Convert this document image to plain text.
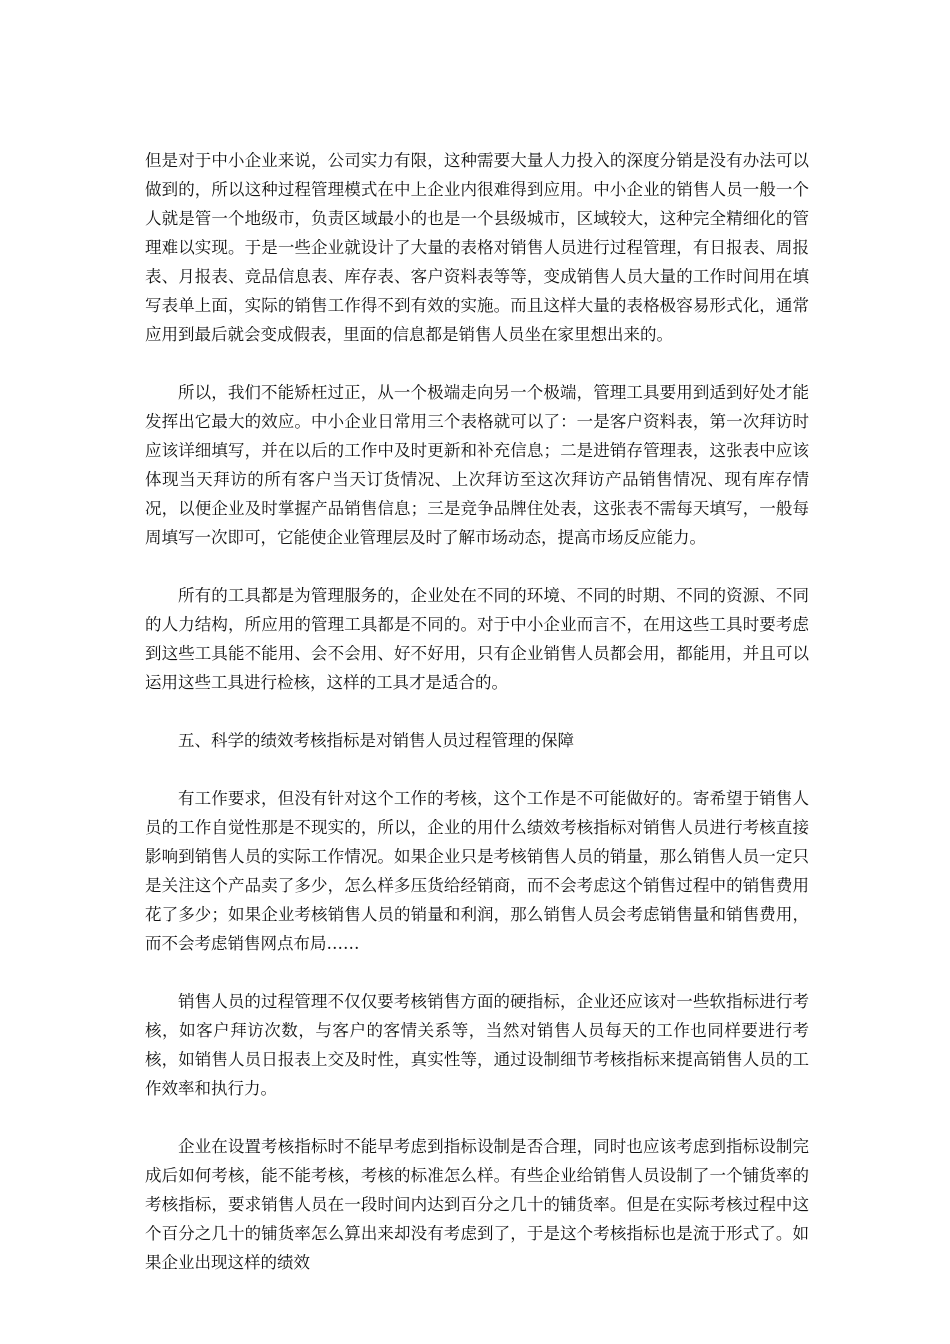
但是对于中小企业来说，公司实力有限，这种需要大量人力投入的深度分销是没有办法可以做到的，所以这种过程管理模式在中上企业内很难得到应用。中小企业的销售人员一般一个人就是管一个地级市，负责区域最小的也是一个县级城市，区域较大，这种完全精细化的管理难以实现。于是一些企业就设计了大量的表格对销售人员进行过程管理，有日报表、周报表、月报表、竞品信息表、库存表、客户资料表等等，变成销售人员大量的工作时间用在填写表单上面，实际的销售工作得不到有效的实施。而且这样大量的表格极容易形式化，通常应用到最后就会变成假表，里面的信息都是销售人员坐在家里想出来的。

所以，我们不能矫枉过正，从一个极端走向另一个极端，管理工具要用到适到好处才能发挥出它最大的效应。中小企业日常用三个表格就可以了：一是客户资料表，第一次拜访时应该详细填写，并在以后的工作中及时更新和补充信息；二是进销存管理表，这张表中应该体现当天拜访的所有客户当天订货情况、上次拜访至这次拜访产品销售情况、现有库存情况，以便企业及时掌握产品销售信息；三是竞争品牌住处表，这张表不需每天填写，一般每周填写一次即可，它能使企业管理层及时了解市场动态，提高市场反应能力。

所有的工具都是为管理服务的，企业处在不同的环境、不同的时期、不同的资源、不同的人力结构，所应用的管理工具都是不同的。对于中小企业而言不，在用这些工具时要考虑到这些工具能不能用、会不会用、好不好用，只有企业销售人员都会用，都能用，并且可以运用这些工具进行检核，这样的工具才是适合的。

五、科学的绩效考核指标是对销售人员过程管理的保障

有工作要求，但没有针对这个工作的考核，这个工作是不可能做好的。寄希望于销售人员的工作自觉性那是不现实的，所以，企业的用什么绩效考核指标对销售人员进行考核直接影响到销售人员的实际工作情况。如果企业只是考核销售人员的销量，那么销售人员一定只是关注这个产品卖了多少，怎么样多压货给经销商，而不会考虑这个销售过程中的销售费用花了多少；如果企业考核销售人员的销量和利润，那么销售人员会考虑销售量和销售费用，而不会考虑销售网点布局……

销售人员的过程管理不仅仅要考核销售方面的硬指标，企业还应该对一些软指标进行考核，如客户拜访次数，与客户的客情关系等，当然对销售人员每天的工作也同样要进行考核，如销售人员日报表上交及时性，真实性等，通过设制细节考核指标来提高销售人员的工作效率和执行力。

企业在设置考核指标时不能早考虑到指标设制是否合理，同时也应该考虑到指标设制完成后如何考核，能不能考核，考核的标准怎么样。有些企业给销售人员设制了一个铺货率的考核指标，要求销售人员在一段时间内达到百分之几十的铺货率。但是在实际考核过程中这个百分之几十的铺货率怎么算出来却没有考虑到了，于是这个考核指标也是流于形式了。如果企业出现这样的绩效
